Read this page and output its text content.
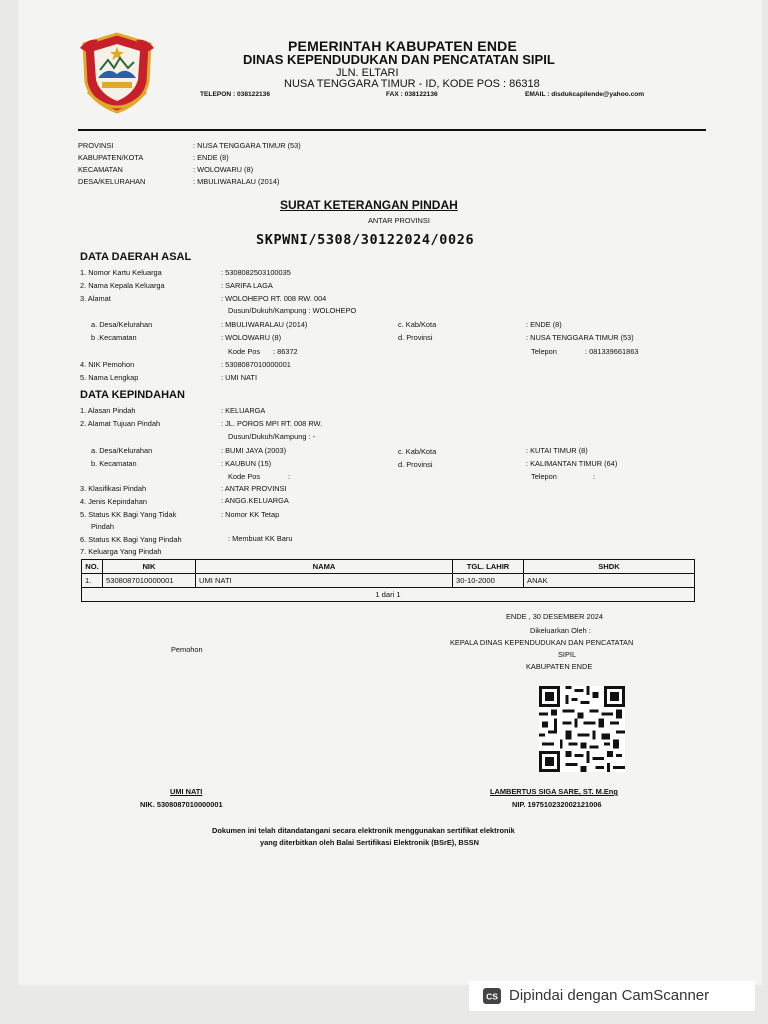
PEMERINTAH KABUPATEN ENDE
DINAS KEPENDUDUKAN DAN PENCATATAN SIPIL
JLN. ELTARI
NUSA TENGGARA TIMUR - ID, KODE POS : 86318
TELEPON : 038122136	FAX : 038122136	EMAIL : disdukcapilende@yahoo.com
PROVINSI	: NUSA TENGGARA TIMUR (53)
KABUPATEN/KOTA	: ENDE (8)
KECAMATAN	: WOLOWARU (8)
DESA/KELURAHAN	: MBULIWARALAU (2014)
SURAT KETERANGAN PINDAH
ANTAR PROVINSI
SKPWNI/5308/30122024/0026
DATA DAERAH ASAL
1. Nomor Kartu Keluarga	: 5308082503100035
2. Nama Kepala Keluarga	: SARIFA LAGA
3. Alamat	: WOLOHEPO RT. 008 RW. 004
Dusun/Dukuh/Kampung : WOLOHEPO
a. Desa/Kelurahan	: MBULIWARALAU (2014)	c. Kab/Kota	: ENDE (8)
b .Kecamatan	: WOLOWARU (8)	d. Provinsi	: NUSA TENGGARA TIMUR (53)
Kode Pos : 86372	Telepon	: 081339661863
4. NIK Pemohon	: 5308087010000001
5. Nama Lengkap	: UMI NATI
DATA KEPINDAHAN
1. Alasan Pindah	: KELUARGA
2. Alamat Tujuan Pindah	: JL. POROS MPI RT. 008 RW.
Dusun/Dukuh/Kampung : -
a. Desa/Kelurahan	: BUMI JAYA (2003)	c. Kab/Kota	: KUTAI TIMUR (8)
b. Kecamatan	: KAUBUN (15)	d. Provinsi	: KALIMANTAN TIMUR (64)
Kode Pos	:	Telepon	:
3. Klasifikasi Pindah	: ANTAR PROVINSI
4. Jenis Kepindahan	: ANGG.KELUARGA
5. Status KK Bagi Yang Tidak
Pindah
: Nomor KK Tetap
6. Status KK Bagi Yang Pindah	: Membuat KK Baru
7. Keluarga Yang Pindah
NO.	NIK	NAMA	TGL. LAHIR	SHDK
1.	5308087010000001	UMI NATI	30-10-2000	ANAK
1 dari 1				
ENDE , 30 DESEMBER 2024
Dikeluarkan Oleh :
KEPALA DINAS KEPENDUDUKAN DAN PENCATATAN
SIPIL
KABUPATEN ENDE
Pemohon
UMI NATI
NIK. 5308087010000001
LAMBERTUS SIGA SARE, ST. M.Eng
NIP. 197510232002121006
Dokumen ini telah ditandatangani secara elektronik menggunakan sertifikat elektronik
yang diterbitkan oleh Balai Sertifikasi Elektronik (BSrE), BSSN
CS Dipindai dengan CamScanner
